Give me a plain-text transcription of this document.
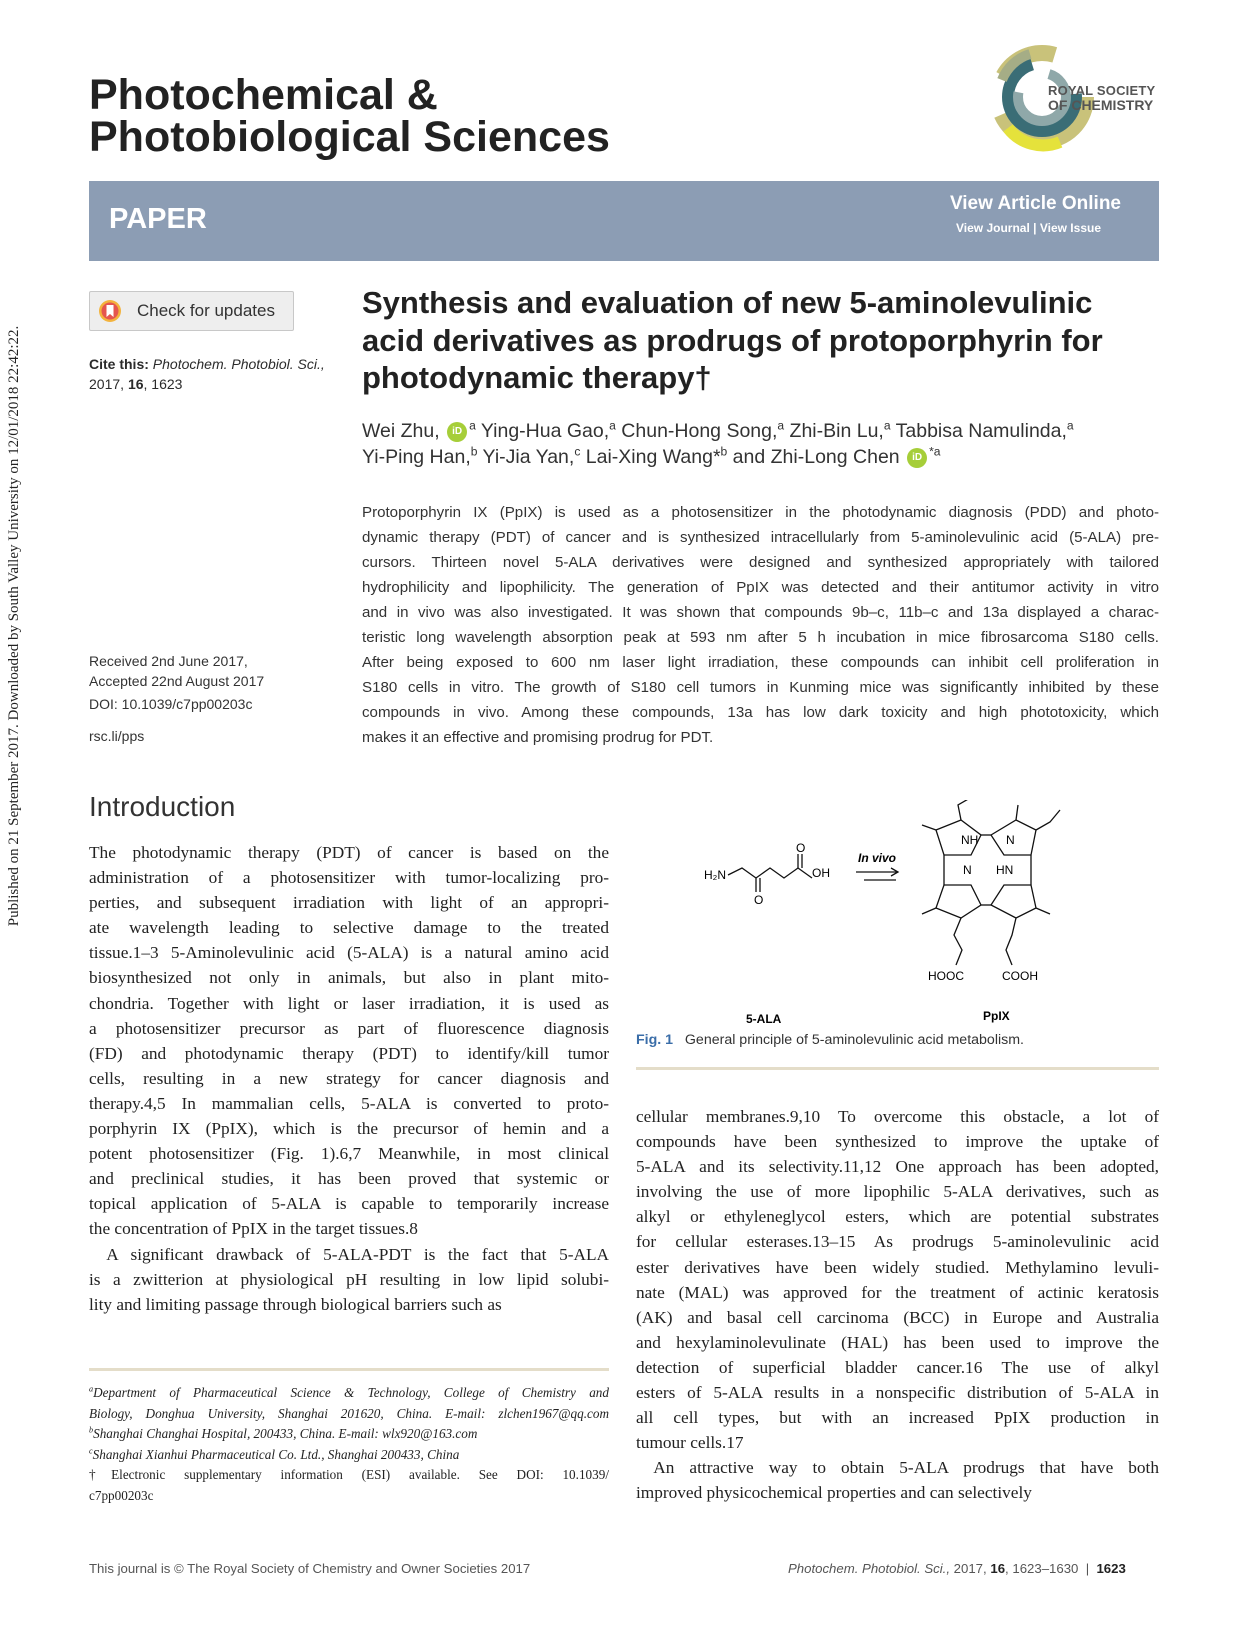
Published on 21 September 2017. Downloaded by South Valley University on 12/01/2018 22:42:22.
Photochemical &
Photobiological Sciences
ROYAL SOCIETY
OF CHEMISTRY
PAPER	View Article Online
View Journal | View Issue
Check for updates
Cite this: Photochem. Photobiol. Sci.,
2017, 16, 1623
Received 2nd June 2017,
Accepted 22nd August 2017
DOI: 10.1039/c7pp00203c
rsc.li/pps
Synthesis and evaluation of new 5-aminolevulinic
acid derivatives as prodrugs of protoporphyrin for
photodynamic therapy†
Wei Zhu, iD $^a$ Ying-Hua Gao,$^a$ Chun-Hong Song,$^a$ Zhi-Bin Lu,$^a$ Tabbisa Namulinda,$^a$
Yi-Ping Han,$^b$ Yi-Jia Yan,$^c$ Lai-Xing Wang*$^b$ and Zhi-Long Chen iD $^{*a}$
Protoporphyrin IX (PpIX) is used as a photosensitizer in the photodynamic diagnosis (PDD) and photo-
dynamic therapy (PDT) of cancer and is synthesized intracellularly from 5-aminolevulinic acid (5-ALA) pre-
cursors. Thirteen novel 5-ALA derivatives were designed and synthesized appropriately with tailored
hydrophilicity and lipophilicity. The generation of PpIX was detected and their antitumor activity in vitro
and in vivo was also investigated. It was shown that compounds 9b–c, 11b–c and 13a displayed a charac-
teristic long wavelength absorption peak at 593 nm after 5 h incubation in mice fibrosarcoma S180 cells.
After being exposed to 600 nm laser light irradiation, these compounds can inhibit cell proliferation in
S180 cells in vitro. The growth of S180 cell tumors in Kunming mice was significantly inhibited by these
compounds in vivo. Among these compounds, 13a has low dark toxicity and high phototoxicity, which
makes it an effective and promising prodrug for PDT.
Introduction
The photodynamic therapy (PDT) of cancer is based on the
administration of a photosensitizer with tumor-localizing pro-
perties, and subsequent irradiation with light of an appropri-
ate wavelength leading to selective damage to the treated
tissue.1–3 5-Aminolevulinic acid (5-ALA) is a natural amino acid
biosynthesized not only in animals, but also in plant mito-
chondria. Together with light or laser irradiation, it is used as
a photosensitizer precursor as part of fluorescence diagnosis
(FD) and photodynamic therapy (PDT) to identify/kill tumor
cells, resulting in a new strategy for cancer diagnosis and
therapy.4,5 In mammalian cells, 5-ALA is converted to proto-
porphyrin IX (PpIX), which is the precursor of hemin and a
potent photosensitizer (Fig. 1).6,7 Meanwhile, in most clinical
and preclinical studies, it has been proved that systemic or
topical application of 5-ALA is capable to temporarily increase
the concentration of PpIX in the target tissues.8
 A significant drawback of 5-ALA-PDT is the fact that 5-ALA
is a zwitterion at physiological pH resulting in low lipid solubi-
lity and limiting passage through biological barriers such as
cellular membranes.9,10 To overcome this obstacle, a lot of
compounds have been synthesized to improve the uptake of
5-ALA and its selectivity.11,12 One approach has been adopted,
involving the use of more lipophilic 5-ALA derivatives, such as
alkyl or ethyleneglycol esters, which are potential substrates
for cellular esterases.13–15 As prodrugs 5-aminolevulinic acid
ester derivatives have been widely studied. Methylamino levuli-
nate (MAL) was approved for the treatment of actinic keratosis
(AK) and basal cell carcinoma (BCC) in Europe and Australia
and hexylaminolevulinate (HAL) has been used to improve the
detection of superficial bladder cancer.16 The use of alkyl
esters of 5-ALA results in a nonspecific distribution of 5-ALA in
all cell types, but with an increased PpIX production in
tumour cells.17
 An attractive way to obtain 5-ALA prodrugs that have both
improved physicochemical properties and can selectively
H₂N	OH
O
O
In vivo
NH N
N HN
HOOC	COOH
5-ALA	PpIX
Fig. 1 General principle of 5-aminolevulinic acid metabolism.
$^a$Department of Pharmaceutical Science & Technology, College of Chemistry and
Biology, Donghua University, Shanghai 201620, China. E-mail: zlchen1967@qq.com
$^b$Shanghai Changhai Hospital, 200433, China. E-mail: wlx920@163.com
$^c$Shanghai Xianhui Pharmaceutical Co. Ltd., Shanghai 200433, China
†Electronic supplementary information (ESI) available. See DOI: 10.1039/
c7pp00203c
This journal is © The Royal Society of Chemistry and Owner Societies 2017	Photochem. Photobiol. Sci., 2017, 16, 1623–1630  |  1623
